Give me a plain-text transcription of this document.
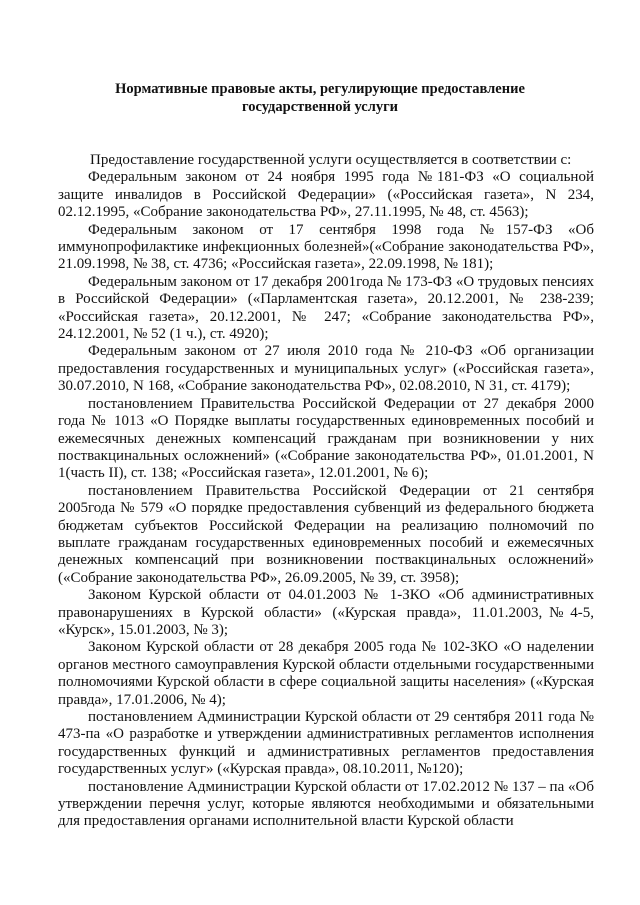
Нормативные правовые акты, регулирующие предоставление
государственной услуги

Предоставление государственной услуги осуществляется в соответствии с:

Федеральным законом от 24 ноября 1995 года №181-ФЗ «О социальной защите инвалидов в Российской Федерации» («Российская газета», N 234, 02.12.1995, «Собрание законодательства РФ», 27.11.1995, № 48, ст. 4563);

Федеральным законом от 17 сентября 1998 года №157-ФЗ «Об иммунопрофилактике инфекционных болезней»(«Собрание законодательства РФ», 21.09.1998, № 38, ст. 4736; «Российская газета», 22.09.1998, № 181);

Федеральным законом от 17 декабря 2001года № 173-ФЗ «О трудовых пенсиях в Российской Федерации» («Парламентская газета», 20.12.2001, № 238-239; «Российская газета», 20.12.2001, № 247; «Собрание законодательства РФ», 24.12.2001, № 52 (1 ч.), ст. 4920);

Федеральным законом от 27 июля 2010 года № 210-ФЗ «Об организации предоставления государственных и муниципальных услуг» («Российская газета», 30.07.2010, N 168, «Собрание законодательства РФ», 02.08.2010, N 31, ст. 4179);

постановлением Правительства Российской Федерации от 27 декабря 2000 года № 1013 «О Порядке выплаты государственных единовременных пособий и ежемесячных денежных компенсаций гражданам при возникновении у них поствакцинальных осложнений» («Собрание законодательства РФ», 01.01.2001, N 1(часть II), ст. 138; «Российская газета», 12.01.2001, № 6);

постановлением Правительства Российской Федерации от 21 сентября 2005года № 579 «О порядке предоставления субвенций из федерального бюджета бюджетам субъектов Российской Федерации на реализацию полномочий по выплате гражданам государственных единовременных пособий и ежемесячных денежных компенсаций при возникновении поствакцинальных осложнений» («Собрание законодательства РФ», 26.09.2005, № 39, ст. 3958);

Законом Курской области от 04.01.2003 № 1-ЗКО «Об административных правонарушениях в Курской области» («Курская правда», 11.01.2003,№4-5, «Курск», 15.01.2003, № 3);

Законом Курской области от 28 декабря 2005 года № 102-ЗКО «О наделении органов местного самоуправления Курской области отдельными государственными полномочиями Курской области в сфере социальной защиты населения» («Курская правда», 17.01.2006, № 4);

постановлением Администрации Курской области от 29 сентября 2011 года № 473-па «О разработке и утверждении административных регламентов исполнения государственных функций и административных регламентов предоставления государственных услуг» («Курская правда», 08.10.2011, №120);

постановление Администрации Курской области от 17.02.2012 № 137 – па «Об утверждении перечня услуг, которые являются необходимыми и обязательными для предоставления органами исполнительной власти Курской области
